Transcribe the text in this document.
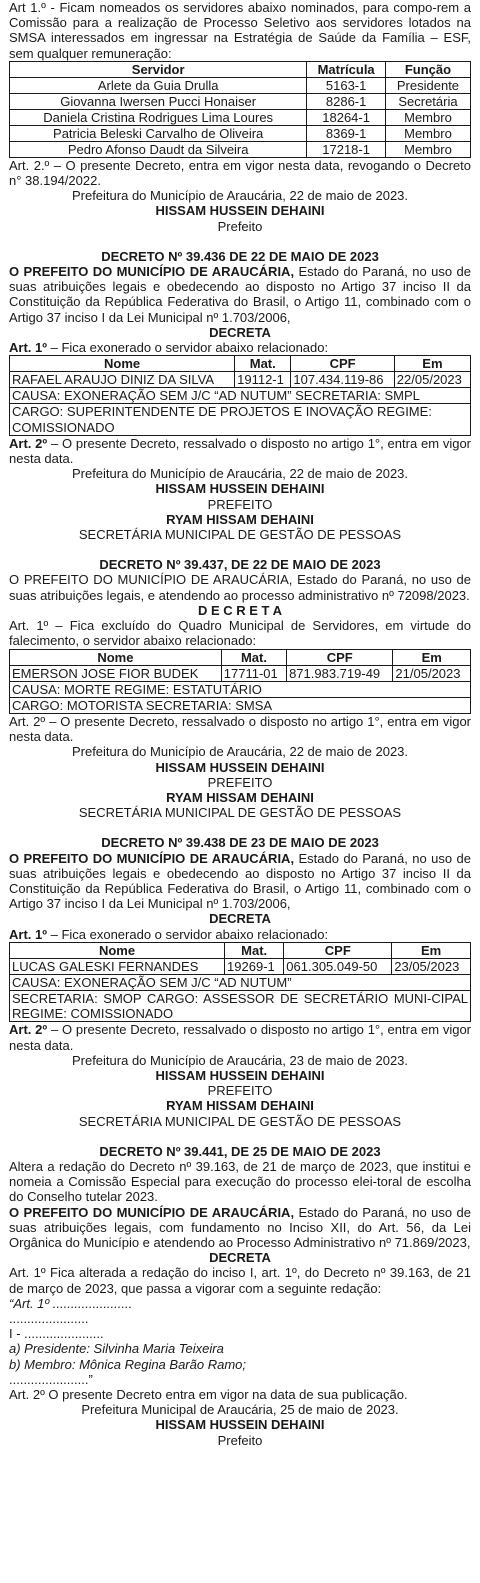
Art 1.º - Ficam nomeados os servidores abaixo nominados, para compo-rem a Comissão para a realização de Processo Seletivo aos servidores lotados na SMSA interessados em ingressar na Estratégia de Saúde da Família – ESF, sem qualquer remuneração:

Servidor	Matrícula	Função
Arlete da Guia Drulla	5163-1	Presidente
Giovanna Iwersen Pucci Honaiser	8286-1	Secretária
Daniela Cristina Rodrigues Lima Loures	18264-1	Membro
Patricia Beleski Carvalho de Oliveira	8369-1	Membro
Pedro Afonso Daudt da Silveira	17218-1	Membro

Art. 2.º – O presente Decreto, entra em vigor nesta data, revogando o Decreto n° 38.194/2022.

Prefeitura do Município de Araucária, 22 de maio de 2023.

HISSAM HUSSEIN DEHAINI

Prefeito

DECRETO Nº 39.436 DE 22 DE MAIO DE 2023

O PREFEITO DO MUNICÍPIO DE ARAUCÁRIA, Estado do Paraná, no uso de suas atribuições legais e obedecendo ao disposto no Artigo 37 inciso II da Constituição da República Federativa do Brasil, o Artigo 11, combinado com o Artigo 37 inciso I da Lei Municipal nº 1.703/2006,

DECRETA

Art. 1º – Fica exonerado o servidor abaixo relacionado:

Nome	Mat.	CPF	Em
RAFAEL ARAUJO DINIZ DA SILVA	19112-1	107.434.119-86	22/05/2023
CAUSA: EXONERAÇÃO SEM J/C “AD NUTUM” SECRETARIA: SMPL
CARGO: SUPERINTENDENTE DE PROJETOS E INOVAÇÃO REGIME: COMISSIONADO

Art. 2º – O presente Decreto, ressalvado o disposto no artigo 1°, entra em vigor nesta data.

Prefeitura do Município de Araucária, 22 de maio de 2023.

HISSAM HUSSEIN DEHAINI

PREFEITO

RYAM HISSAM DEHAINI

SECRETÁRIA MUNICIPAL DE GESTÃO DE PESSOAS

DECRETO Nº 39.437, DE 22 DE MAIO DE 2023

O PREFEITO DO MUNICÍPIO DE ARAUCÁRIA, Estado do Paraná, no uso de suas atribuições legais, e atendendo ao processo administrativo nº 72098/2023.

D E C R E T A

Art. 1º – Fica excluído do Quadro Municipal de Servidores, em virtude do falecimento, o servidor abaixo relacionado:

Nome	Mat.	CPF	Em
EMERSON JOSE FIOR BUDEK	17711-01	871.983.719-49	21/05/2023
CAUSA: MORTE REGIME: ESTATUTÁRIO
CARGO: MOTORISTA SECRETARIA: SMSA

Art. 2º – O presente Decreto, ressalvado o disposto no artigo 1°, entra em vigor nesta data.

Prefeitura do Município de Araucária, 22 de maio de 2023.

HISSAM HUSSEIN DEHAINI

PREFEITO

RYAM HISSAM DEHAINI

SECRETÁRIA MUNICIPAL DE GESTÃO DE PESSOAS

DECRETO Nº 39.438 DE 23 DE MAIO DE 2023

O PREFEITO DO MUNICÍPIO DE ARAUCÁRIA, Estado do Paraná, no uso de suas atribuições legais e obedecendo ao disposto no Artigo 37 inciso II da Constituição da República Federativa do Brasil, o Artigo 11, combinado com o Artigo 37 inciso I da Lei Municipal nº 1.703/2006,

DECRETA

Art. 1º – Fica exonerado o servidor abaixo relacionado:

Nome	Mat.	CPF	Em
LUCAS GALESKI FERNANDES	19269-1	061.305.049-50	23/05/2023
CAUSA: EXONERAÇÃO SEM J/C “AD NUTUM”
SECRETARIA: SMOP CARGO: ASSESSOR DE SECRETÁRIO MUNI-CIPAL REGIME: COMISSIONADO

Art. 2º – O presente Decreto, ressalvado o disposto no artigo 1°, entra em vigor nesta data.

Prefeitura do Município de Araucária, 23 de maio de 2023.

HISSAM HUSSEIN DEHAINI

PREFEITO

RYAM HISSAM DEHAINI

SECRETÁRIA MUNICIPAL DE GESTÃO DE PESSOAS

DECRETO Nº 39.441, DE 25 DE MAIO DE 2023

Altera a redação do Decreto nº 39.163, de 21 de março de 2023, que institui e nomeia a Comissão Especial para execução do processo elei-toral de escolha do Conselho tutelar 2023.

O PREFEITO DO MUNICÍPIO DE ARAUCÁRIA, Estado do Paraná, no uso de suas atribuições legais, com fundamento no Inciso XII, do Art. 56, da Lei Orgânica do Município e atendendo ao Processo Administrativo nº 71.869/2023,

DECRETA

Art. 1º Fica alterada a redação do inciso I, art. 1º, do Decreto nº 39.163, de 21 de março de 2023, que passa a vigorar com a seguinte redação:

“Art. 1º ......................

......................

I - ......................

a) Presidente: Silvinha Maria Teixeira

b) Membro: Mônica Regina Barão Ramo;

......................”

Art. 2º O presente Decreto entra em vigor na data de sua publicação.

Prefeitura Municipal de Araucária, 25 de maio de 2023.

HISSAM HUSSEIN DEHAINI

Prefeito
